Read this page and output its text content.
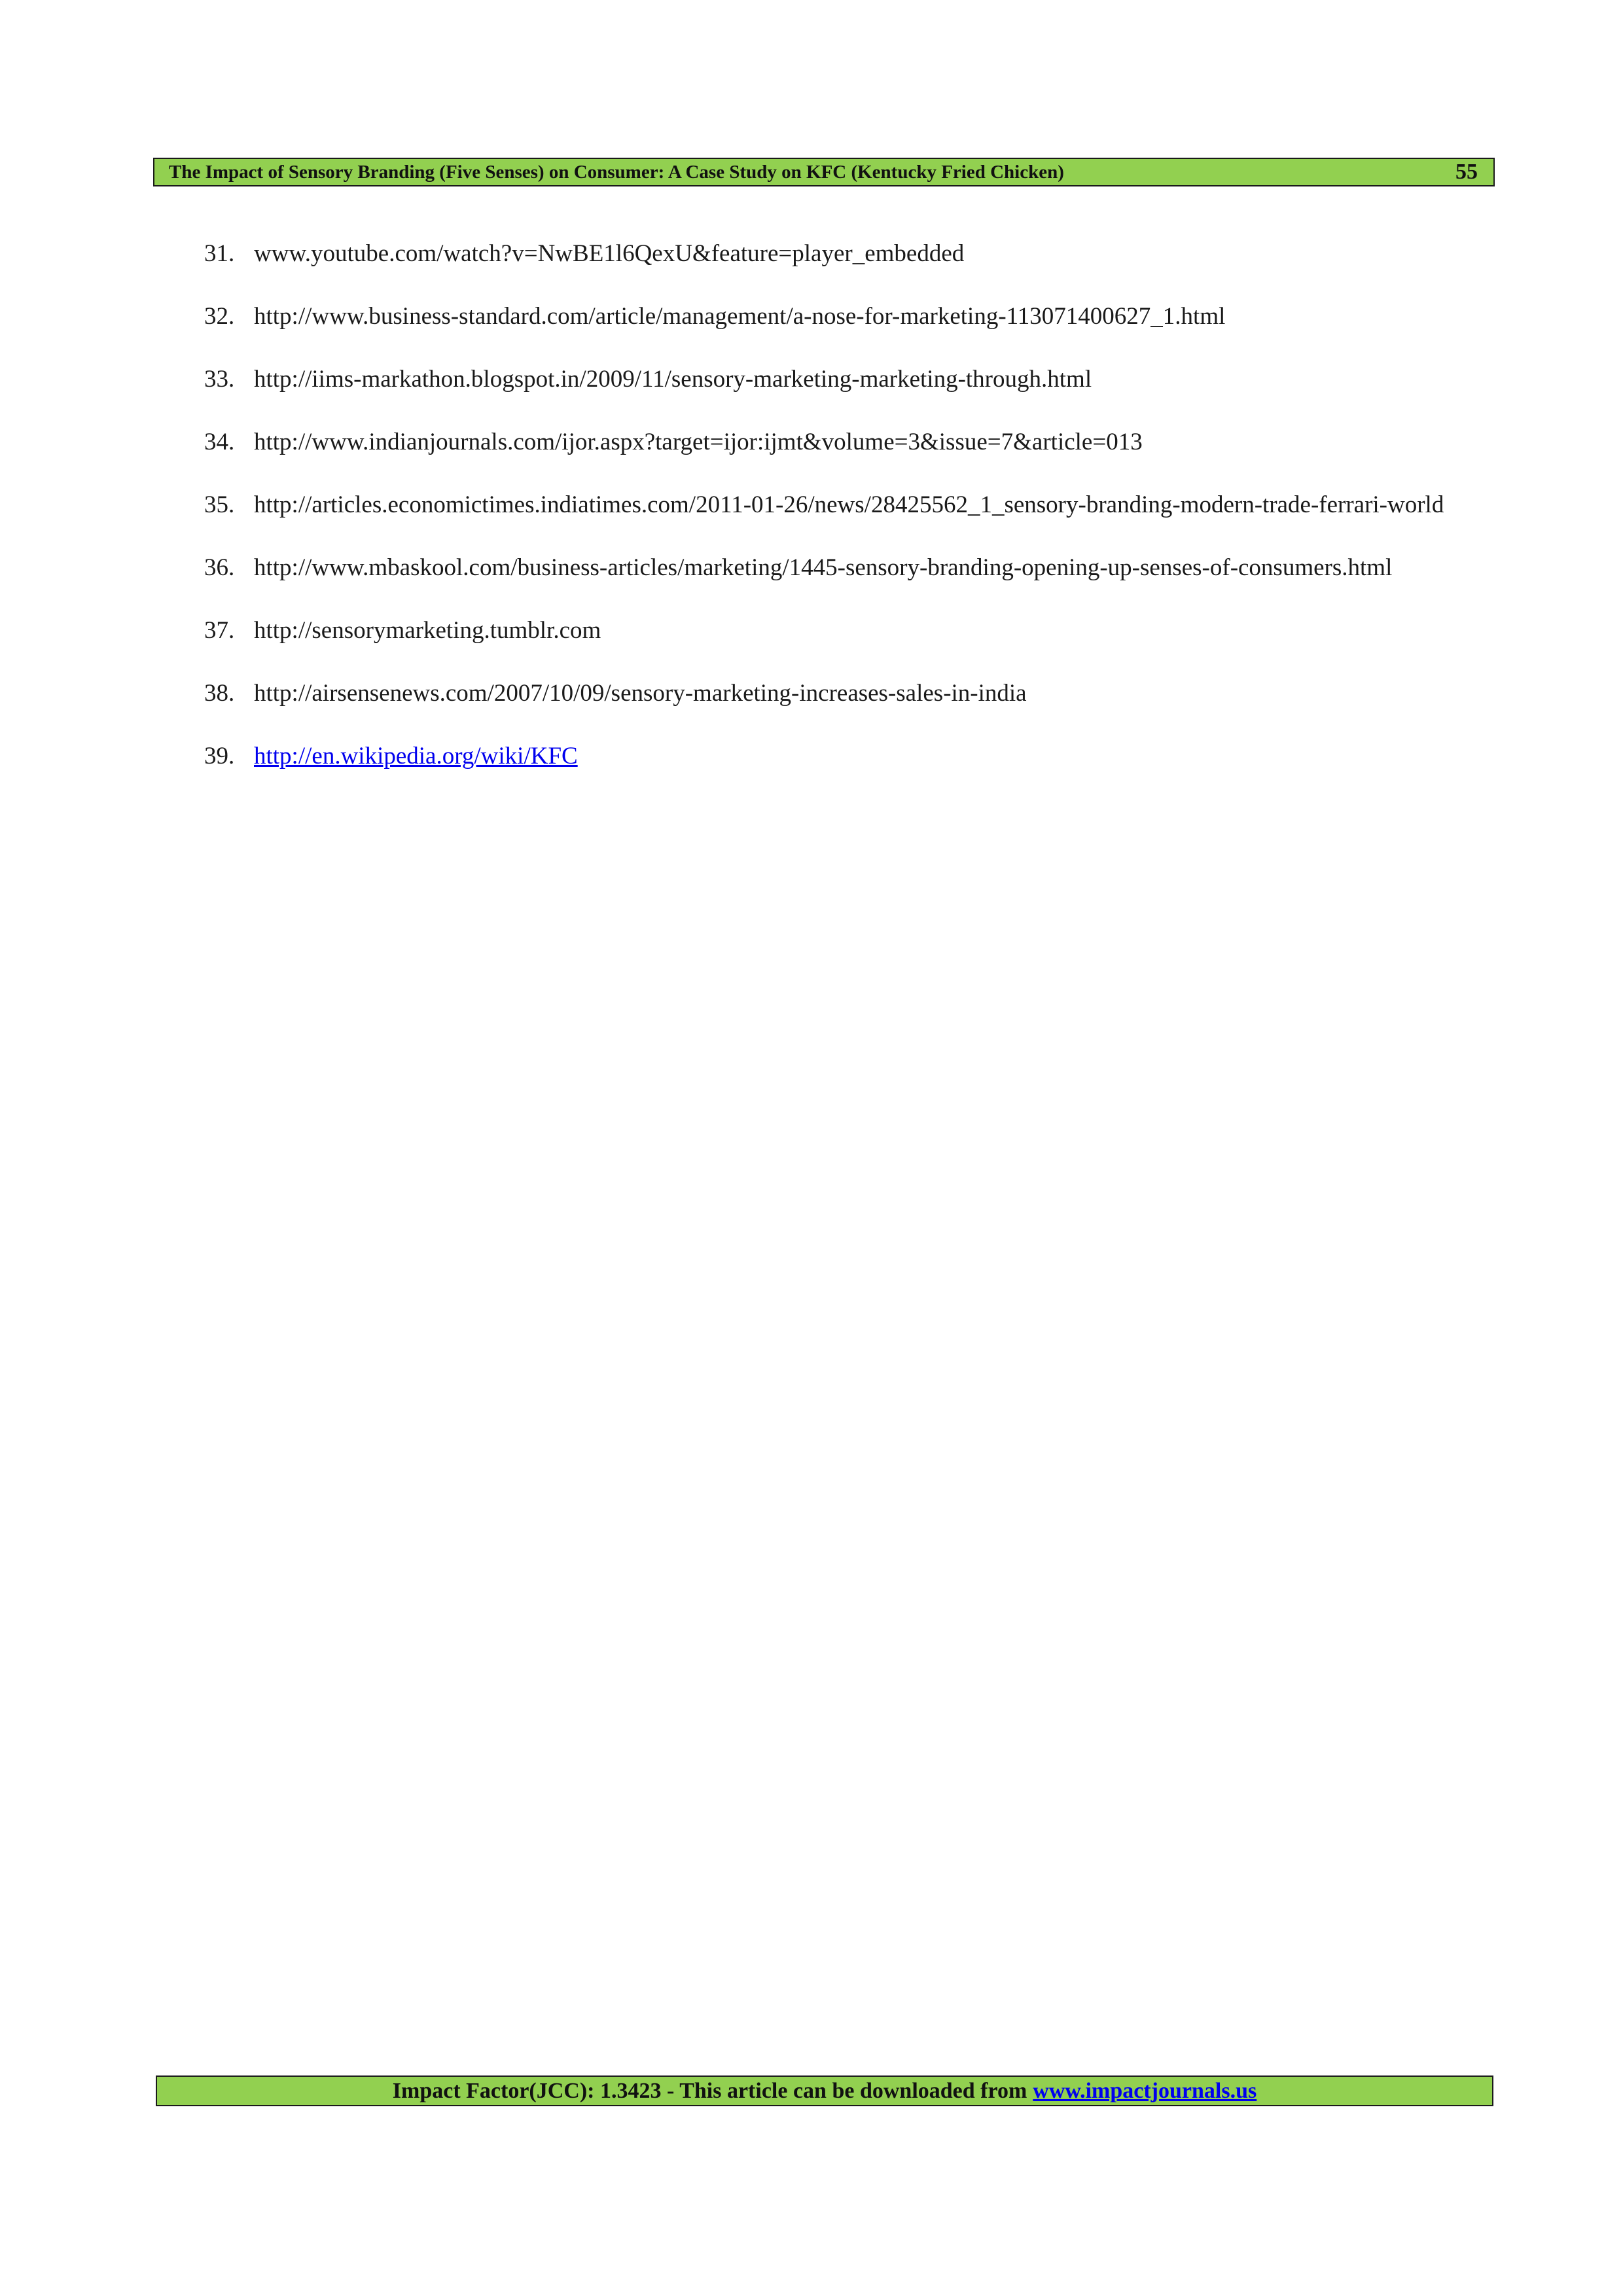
The Impact of Sensory Branding (Five Senses) on Consumer: A Case Study on KFC (Kentucky Fried Chicken)	55
31. www.youtube.com/watch?v=NwBE1l6QexU&feature=player_embedded
32. http://www.business-standard.com/article/management/a-nose-for-marketing-113071400627_1.html
33. http://iims-markathon.blogspot.in/2009/11/sensory-marketing-marketing-through.html
34. http://www.indianjournals.com/ijor.aspx?target=ijor:ijmt&volume=3&issue=7&article=013
35. http://articles.economictimes.indiatimes.com/2011-01-26/news/28425562_1_sensory-branding-modern-trade-ferrari-world
36. http://www.mbaskool.com/business-articles/marketing/1445-sensory-branding-opening-up-senses-of-consumers.html
37. http://sensorymarketing.tumblr.com
38. http://airsensenews.com/2007/10/09/sensory-marketing-increases-sales-in-india
39. http://en.wikipedia.org/wiki/KFC
Impact Factor(JCC): 1.3423 - This article can be downloaded from www.impactjournals.us
